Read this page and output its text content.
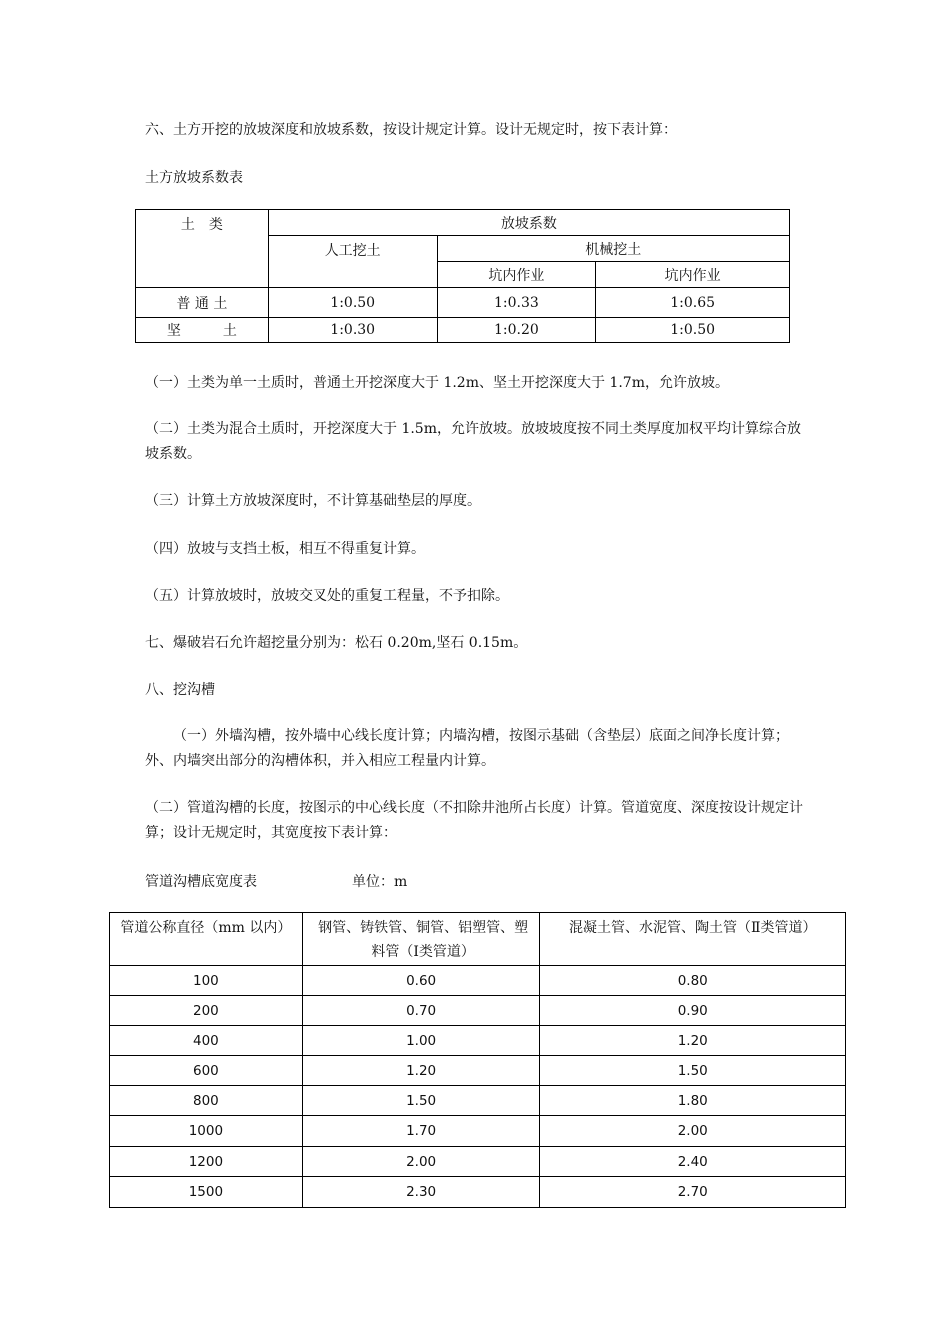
六、土方开挖的放坡深度和放坡系数，按设计规定计算。设计无规定时，按下表计算：
土方放坡系数表
土　类	放坡系数		
	人工挖土	机械挖土	
		坑内作业	坑内作业
普 通 土	1:0.50	1:0.33	1:0.65
坚　　　土	1:0.30	1:0.20	1:0.50
（一）土类为单一土质时，普通土开挖深度大于 1.2m、坚土开挖深度大于 1.7m，允许放坡。
（二）土类为混合土质时，开挖深度大于 1.5m，允许放坡。放坡坡度按不同土类厚度加权平均计算综合放坡系数。
（三）计算土方放坡深度时，不计算基础垫层的厚度。
（四）放坡与支挡土板，相互不得重复计算。
（五）计算放坡时，放坡交叉处的重复工程量，不予扣除。
七、爆破岩石允许超挖量分别为：松石 0.20m,坚石 0.15m。
八、挖沟槽
（一）外墙沟槽，按外墙中心线长度计算；内墙沟槽，按图示基础（含垫层）底面之间净长度计算；外、内墙突出部分的沟槽体积，并入相应工程量内计算。
（二）管道沟槽的长度，按图示的中心线长度（不扣除井池所占长度）计算。管道宽度、深度按设计规定计算；设计无规定时，其宽度按下表计算：
管道沟槽底宽度表	单位：m
管道公称直径（mm 以内）	钢管、铸铁管、铜管、铝塑管、塑料管（Ⅰ类管道）	混凝土管、水泥管、陶土管（Ⅱ类管道）
100	0.60	0.80
200	0.70	0.90
400	1.00	1.20
600	1.20	1.50
800	1.50	1.80
1000	1.70	2.00
1200	2.00	2.40
1500	2.30	2.70
